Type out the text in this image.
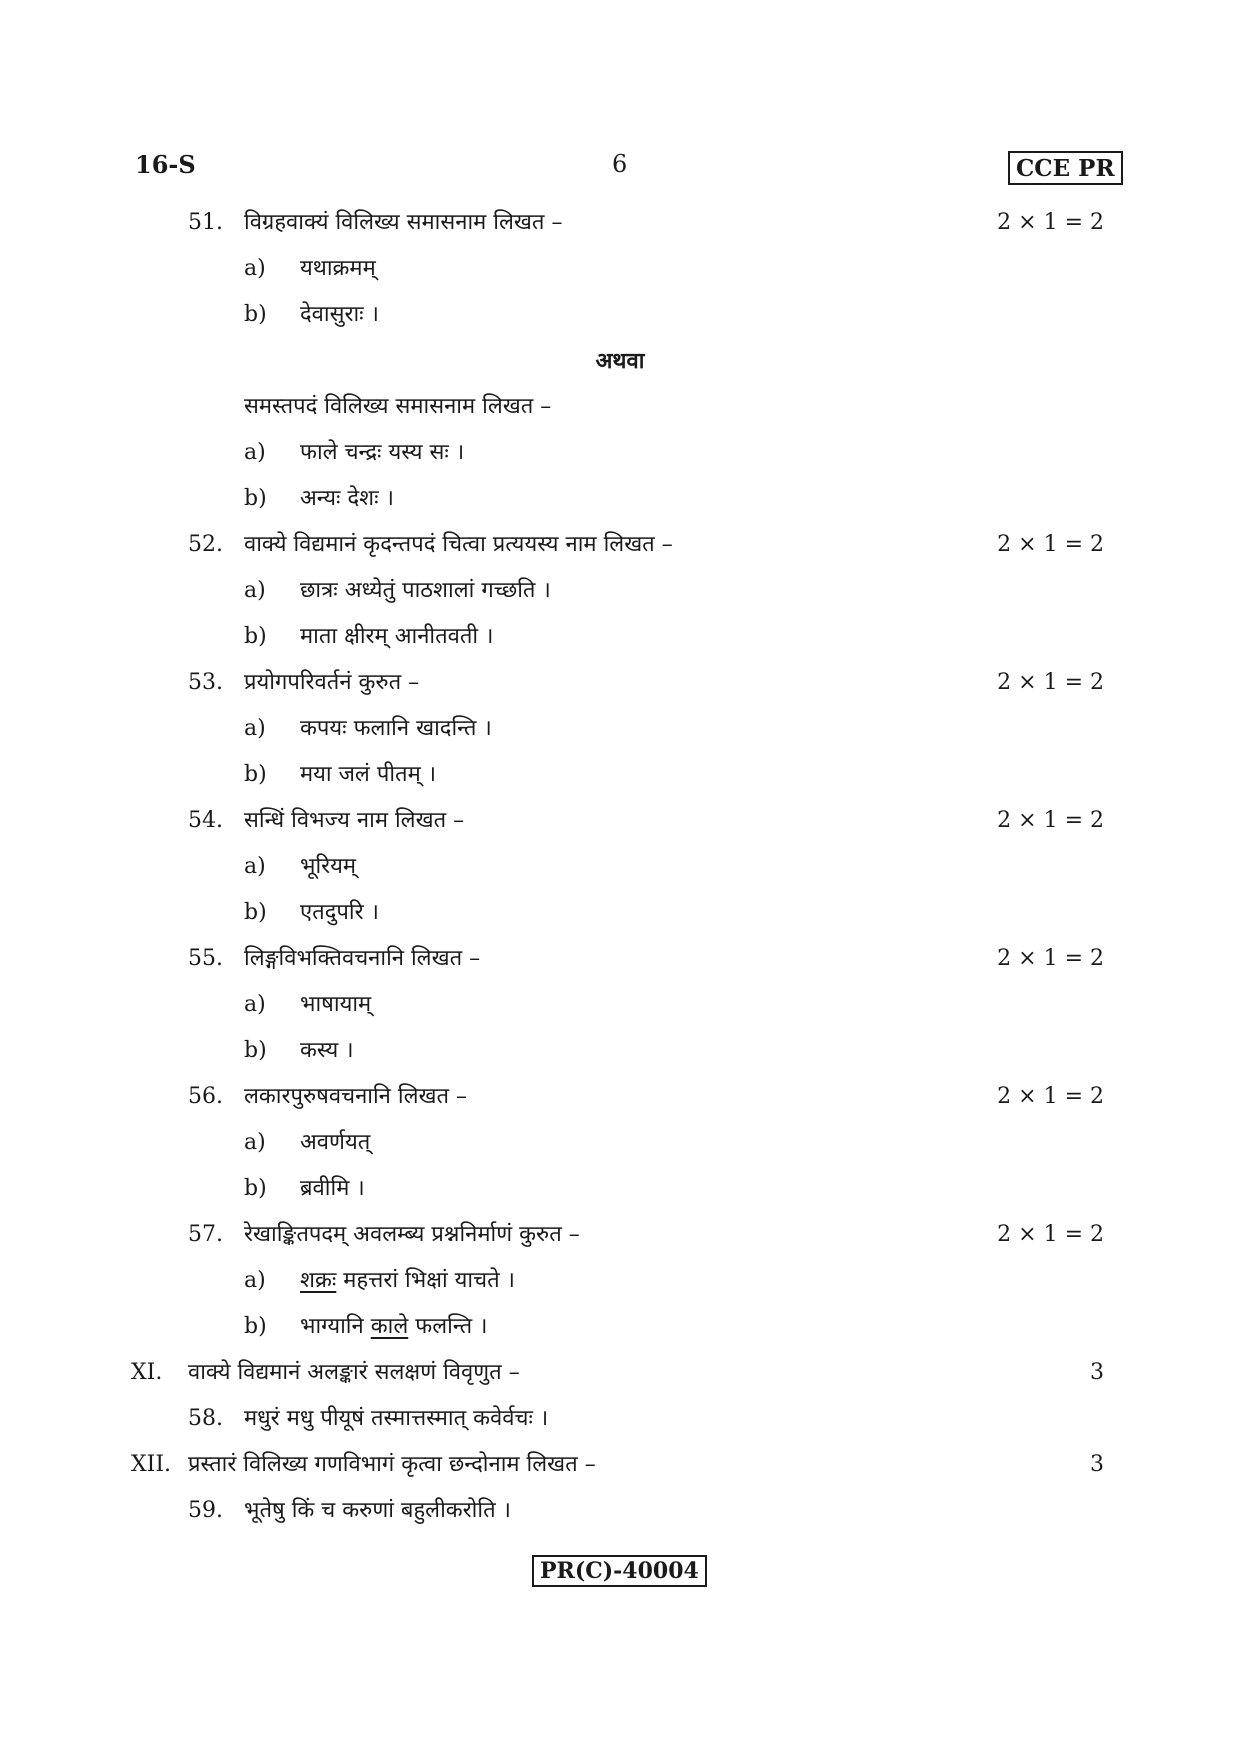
16-S	6	CCE PR
51. विग्रहवाक्यं विलिख्य समासनाम लिखत –	2 × 1 = 2
a) यथाक्रमम्
b) देवासुराः ।
अथवा
समस्तपदं विलिख्य समासनाम लिखत –
a) फाले चन्द्रः यस्य सः ।
b) अन्यः देशः ।
52. वाक्ये विद्यमानं कृदन्तपदं चित्वा प्रत्ययस्य नाम लिखत –	2 × 1 = 2
a) छात्रः अध्येतुं पाठशालां गच्छति ।
b) माता क्षीरम् आनीतवती ।
53. प्रयोगपरिवर्तनं कुरुत –	2 × 1 = 2
a) कपयः फलानि खादन्ति ।
b) मया जलं पीतम् ।
54. सन्धिं विभज्य नाम लिखत –	2 × 1 = 2
a) भूरियम्
b) एतदुपरि ।
55. लिङ्गविभक्तिवचनानि लिखत –	2 × 1 = 2
a) भाषायाम्
b) कस्य ।
56. लकारपुरुषवचनानि लिखत –	2 × 1 = 2
a) अवर्णयत्
b) ब्रवीमि ।
57. रेखाङ्कितपदम् अवलम्ब्य प्रश्ननिर्माणं कुरुत –	2 × 1 = 2
a) शक्रः महत्तरां भिक्षां याचते ।
b) भाग्यानि काले फलन्ति ।
XI. वाक्ये विद्यमानं अलङ्कारं सलक्षणं विवृणुत –	3
58. मधुरं मधु पीयूषं तस्मात्तस्मात् कवेर्वचः ।
XII. प्रस्तारं विलिख्य गणविभागं कृत्वा छन्दोनाम लिखत –	3
59. भूतेषु किं च करुणां बहुलीकरोति ।
PR(C)-40004
